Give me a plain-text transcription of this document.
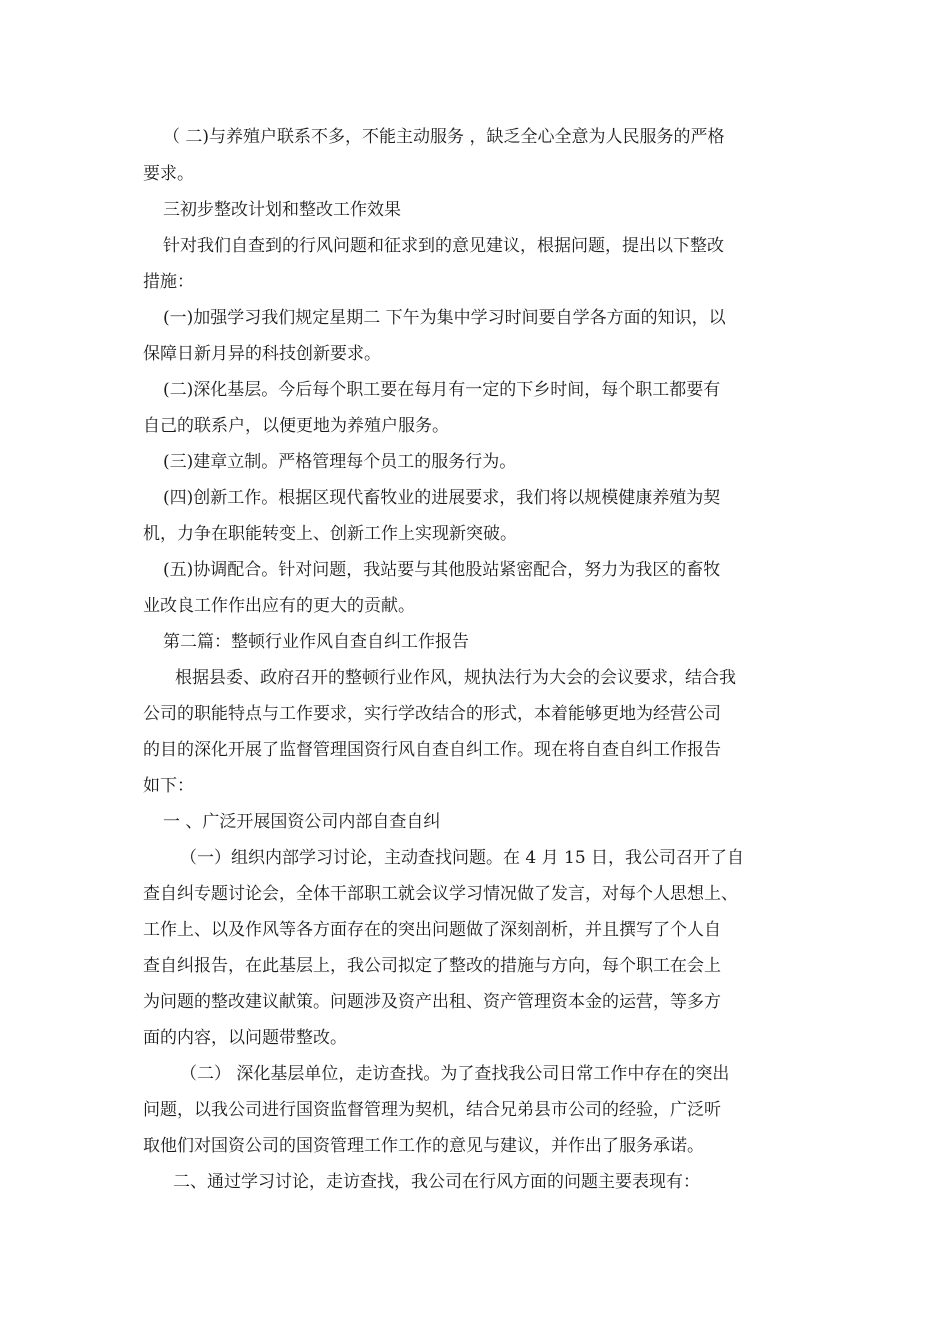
（ 二)与养殖户联系不多，不能主动服务 ，缺乏全心全意为人民服务的严格
要求。
三初步整改计划和整改工作效果
针对我们自查到的行风问题和征求到的意见建议，根据问题，提出以下整改
措施：
(一)加强学习我们规定星期二 下午为集中学习时间要自学各方面的知识，以
保障日新月异的科技创新要求。
(二)深化基层。今后每个职工要在每月有一定的下乡时间，每个职工都要有
自己的联系户，以便更地为养殖户服务。
(三)建章立制。严格管理每个员工的服务行为。
(四)创新工作。根据区现代畜牧业的进展要求，我们将以规模健康养殖为契
机，力争在职能转变上、创新工作上实现新突破。
(五)协调配合。针对问题，我站要与其他股站紧密配合，努力为我区的畜牧
业改良工作作出应有的更大的贡献。
第二篇：整顿行业作风自查自纠工作报告
根据县委、政府召开的整顿行业作风，规执法行为大会的会议要求，结合我
公司的职能特点与工作要求，实行学改结合的形式，本着能够更地为经营公司
的目的深化开展了监督管理国资行风自查自纠工作。现在将自查自纠工作报告
如下：
一 、广泛开展国资公司内部自查自纠
（一）组织内部学习讨论，主动查找问题。在 4 月 15 日，我公司召开了自
查自纠专题讨论会，全体干部职工就会议学习情况做了发言，对每个人思想上、
工作上、以及作风等各方面存在的突出问题做了深刻剖析，并且撰写了个人自
查自纠报告，在此基层上，我公司拟定了整改的措施与方向，每个职工在会上
为问题的整改建议献策。问题涉及资产出租、资产管理资本金的运营，等多方
面的内容，以问题带整改。
（二） 深化基层单位，走访查找。为了查找我公司日常工作中存在的突出
问题，以我公司进行国资监督管理为契机，结合兄弟县市公司的经验，广泛听
取他们对国资公司的国资管理工作工作的意见与建议，并作出了服务承诺。
二、通过学习讨论，走访查找，我公司在行风方面的问题主要表现有：
